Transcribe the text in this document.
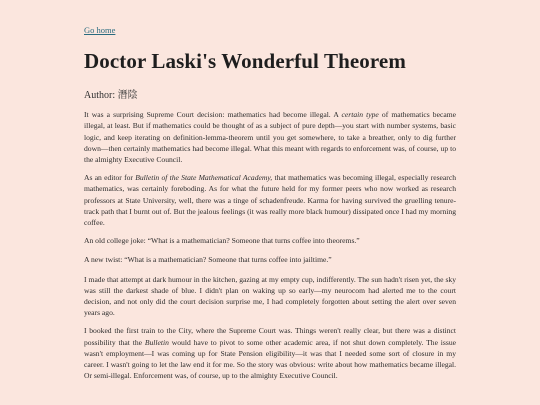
Go home
Doctor Laski's Wonderful Theorem
Author: 潛陰

It was a surprising Supreme Court decision: mathematics had become illegal. A certain type of mathematics became illegal, at least. But if mathematics could be thought of as a subject of pure depth—you start with number systems, basic logic, and keep iterating on definition-lemma-theorem until you get somewhere, to take a breather, only to dig further down—then certainly mathematics had become illegal. What this meant with regards to enforcement was, of course, up to the almighty Executive Council.

As an editor for Bulletin of the State Mathematical Academy, that mathematics was becoming illegal, especially research mathematics, was certainly foreboding. As for what the future held for my former peers who now worked as research professors at State University, well, there was a tinge of schadenfreude. Karma for having survived the gruelling tenure-track path that I burnt out of. But the jealous feelings (it was really more black humour) dissipated once I had my morning coffee.

An old college joke: “What is a mathematician? Someone that turns coffee into theorems.”

A new twist: “What is a mathematician? Someone that turns coffee into jailtime.”

I made that attempt at dark humour in the kitchen, gazing at my empty cup, indifferently. The sun hadn't risen yet, the sky was still the darkest shade of blue. I didn't plan on waking up so early—my neurocom had alerted me to the court decision, and not only did the court decision surprise me, I had completely forgotten about setting the alert over seven years ago.

I booked the first train to the City, where the Supreme Court was. Things weren't really clear, but there was a distinct possibility that the Bulletin would have to pivot to some other academic area, if not shut down completely. The issue wasn't employment—I was coming up for State Pension eligibility—it was that I needed some sort of closure in my career. I wasn't going to let the law end it for me. So the story was obvious: write about how mathematics became illegal. Or semi-illegal. Enforcement was, of course, up to the almighty Executive Council.
